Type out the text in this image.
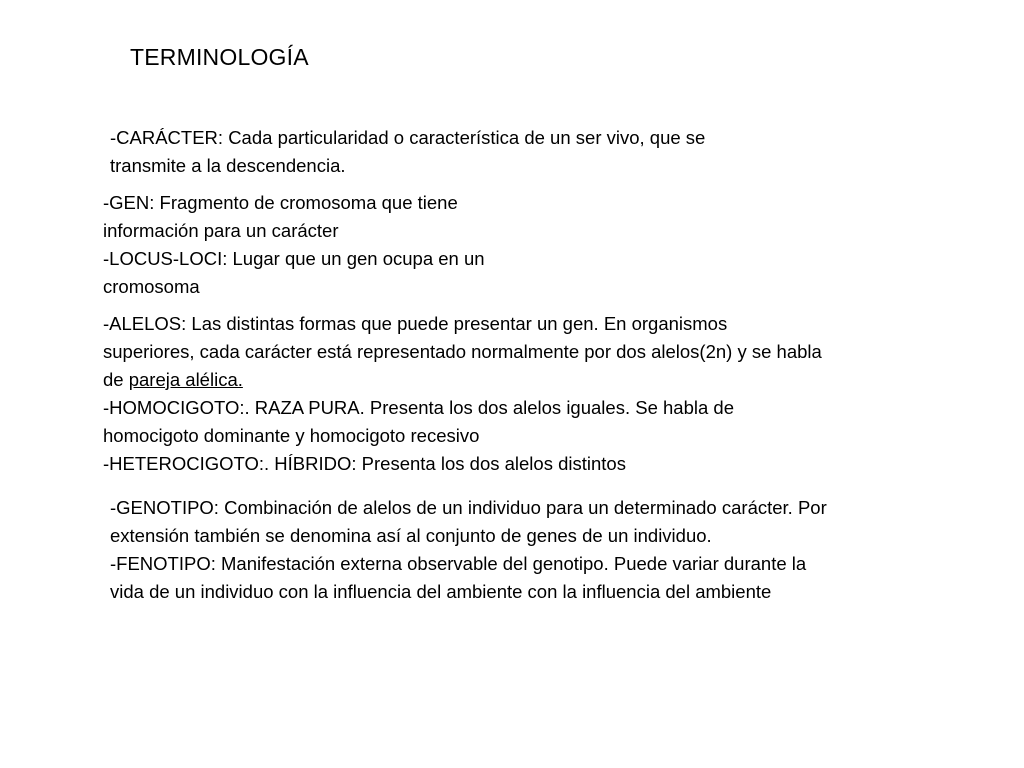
TERMINOLOGÍA
-CARÁCTER: Cada particularidad o característica de un ser vivo, que se
transmite a la descendencia.
-GEN: Fragmento de cromosoma que tiene
información para un carácter
-LOCUS-LOCI: Lugar que un gen ocupa en un
cromosoma
-ALELOS: Las distintas formas que puede presentar un gen. En organismos
superiores, cada carácter está representado normalmente por dos alelos(2n) y se habla
de pareja alélica.
-HOMOCIGOTO:. RAZA PURA. Presenta los dos alelos iguales. Se habla de
homocigoto dominante y homocigoto recesivo
-HETEROCIGOTO:. HÍBRIDO: Presenta los dos alelos distintos
-GENOTIPO: Combinación de alelos de un individuo para un determinado carácter. Por
extensión también se denomina así al conjunto de genes de un individuo.
-FENOTIPO: Manifestación externa observable del genotipo. Puede variar durante la
vida de un individuo con la influencia del ambiente con la influencia del ambiente
